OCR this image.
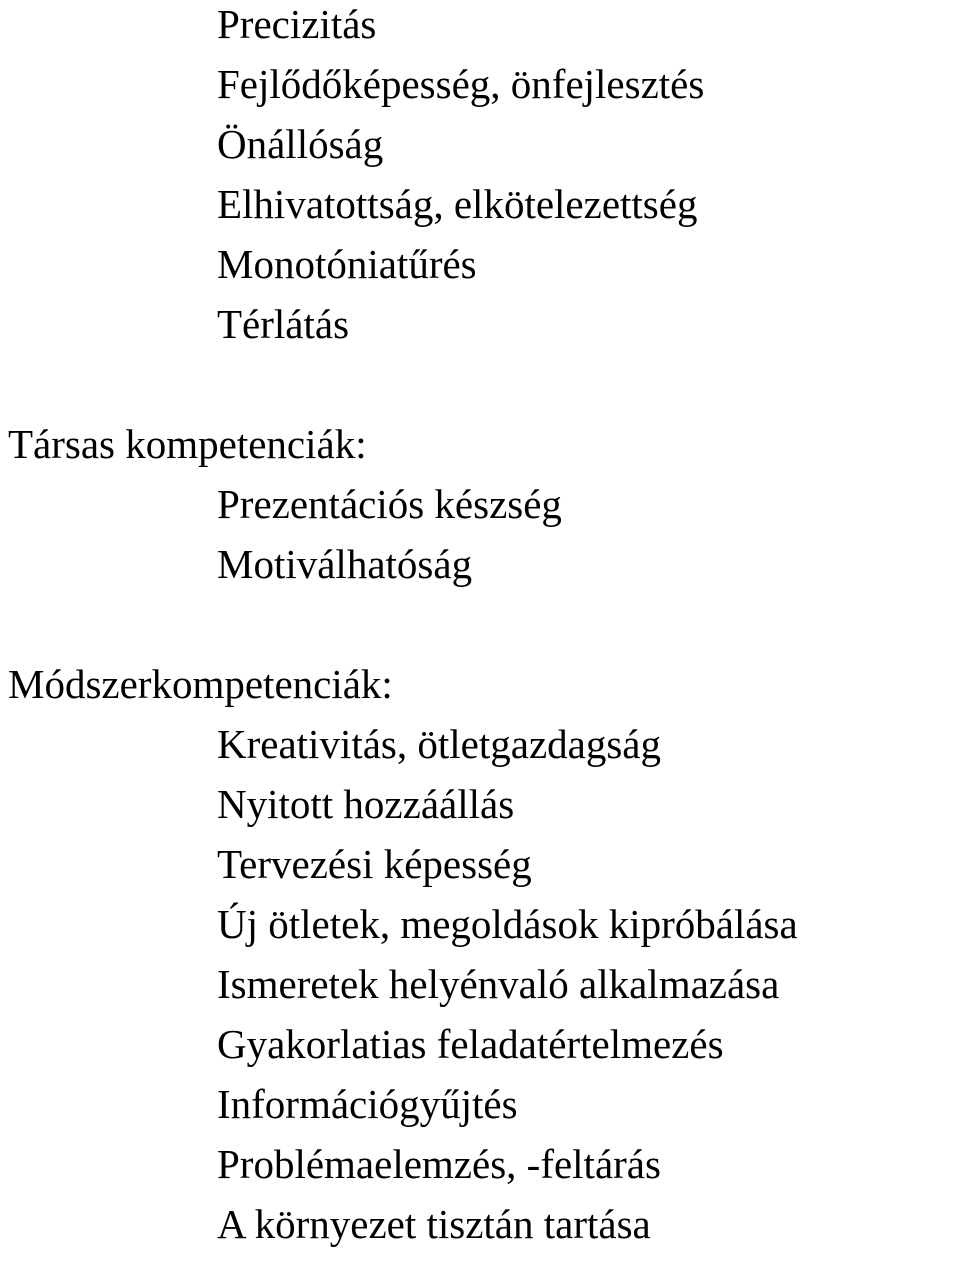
Precizitás

Fejlődőképesség, önfejlesztés

Önállóság

Elhivatottság, elkötelezettség

Monotóniatűrés

Térlátás

Társas kompetenciák:

Prezentációs készség

Motiválhatóság

Módszerkompetenciák:

Kreativitás, ötletgazdagság

Nyitott hozzáállás

Tervezési képesség

Új ötletek, megoldások kipróbálása

Ismeretek helyénvaló alkalmazása

Gyakorlatias feladatértelmezés

Információgyűjtés

Problémaelemzés, -feltárás

A környezet tisztán tartása
